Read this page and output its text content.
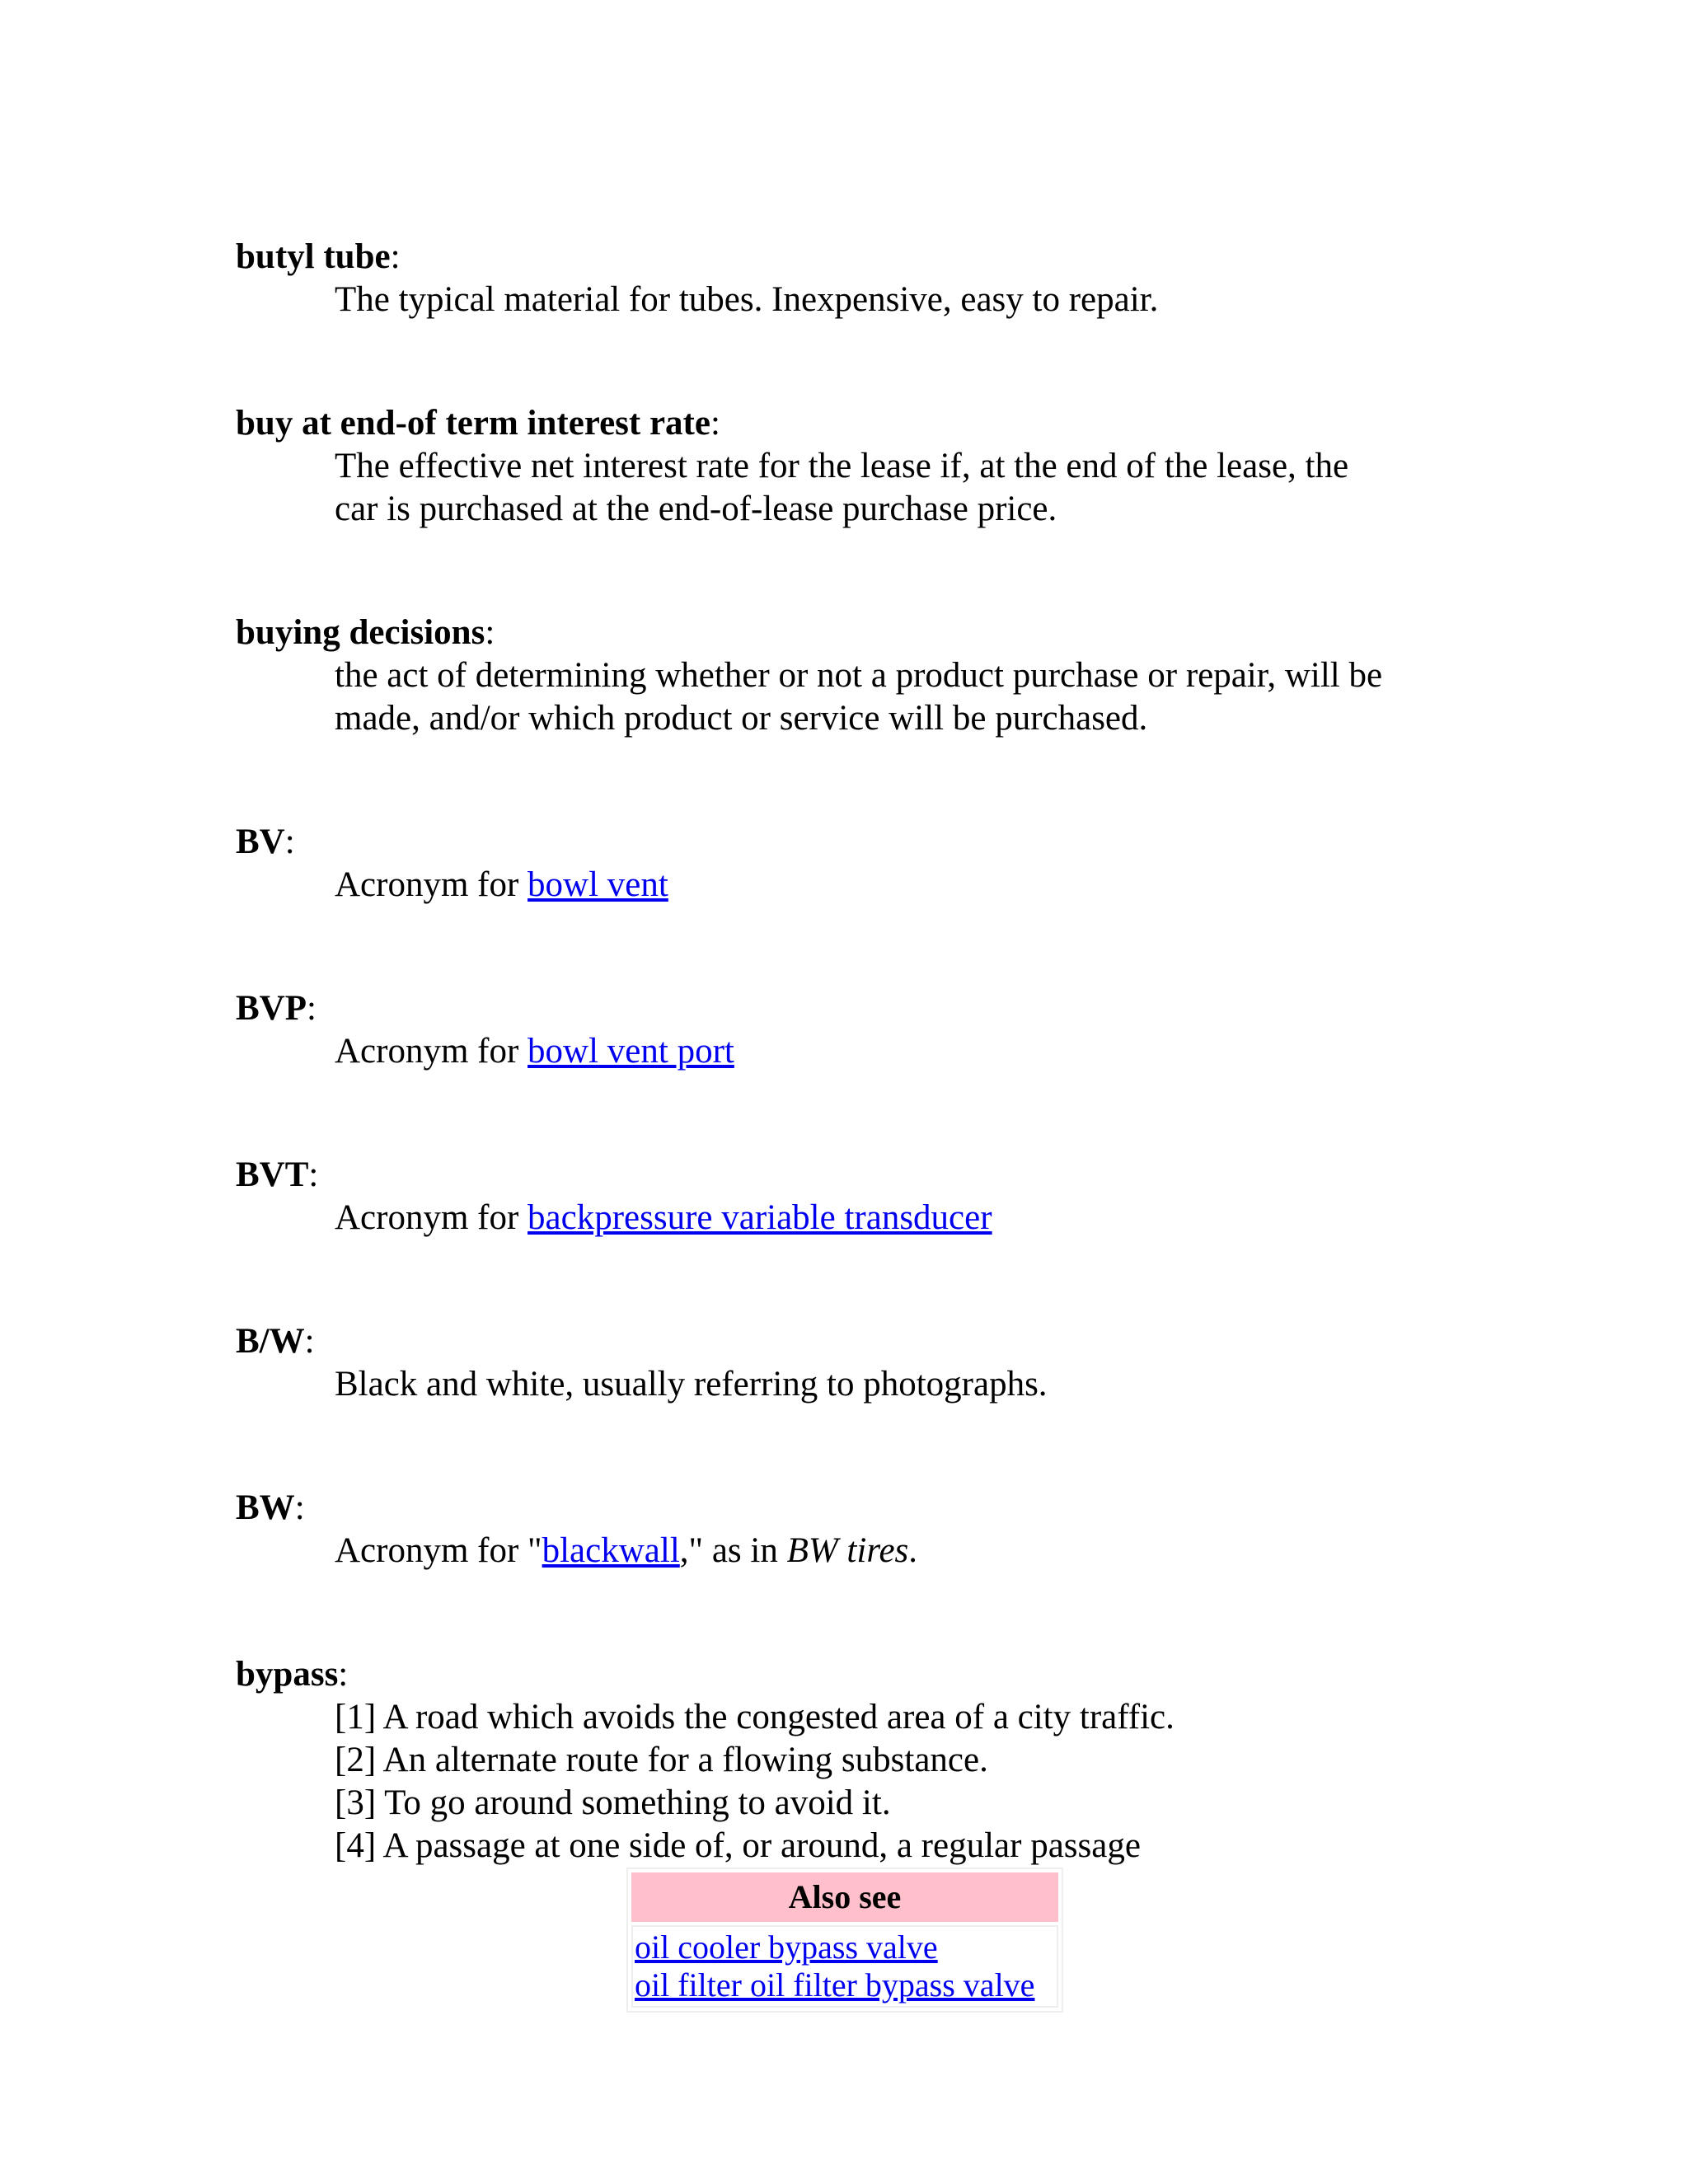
butyl tube:
The typical material for tubes. Inexpensive, easy to repair.
buy at end-of term interest rate:
The effective net interest rate for the lease if, at the end of the lease, the
car is purchased at the end-of-lease purchase price.
buying decisions:
the act of determining whether or not a product purchase or repair, will be
made, and/or which product or service will be purchased.
BV:
Acronym for bowl vent
BVP:
Acronym for bowl vent port
BVT:
Acronym for backpressure variable transducer
B/W:
Black and white, usually referring to photographs.
BW:
Acronym for "blackwall," as in BW tires.
bypass:
[1] A road which avoids the congested area of a city traffic.
[2] An alternate route for a flowing substance.
[3] To go around something to avoid it.
[4] A passage at one side of, or around, a regular passage
Also see

oil cooler bypass valve
oil filter oil filter bypass valve
